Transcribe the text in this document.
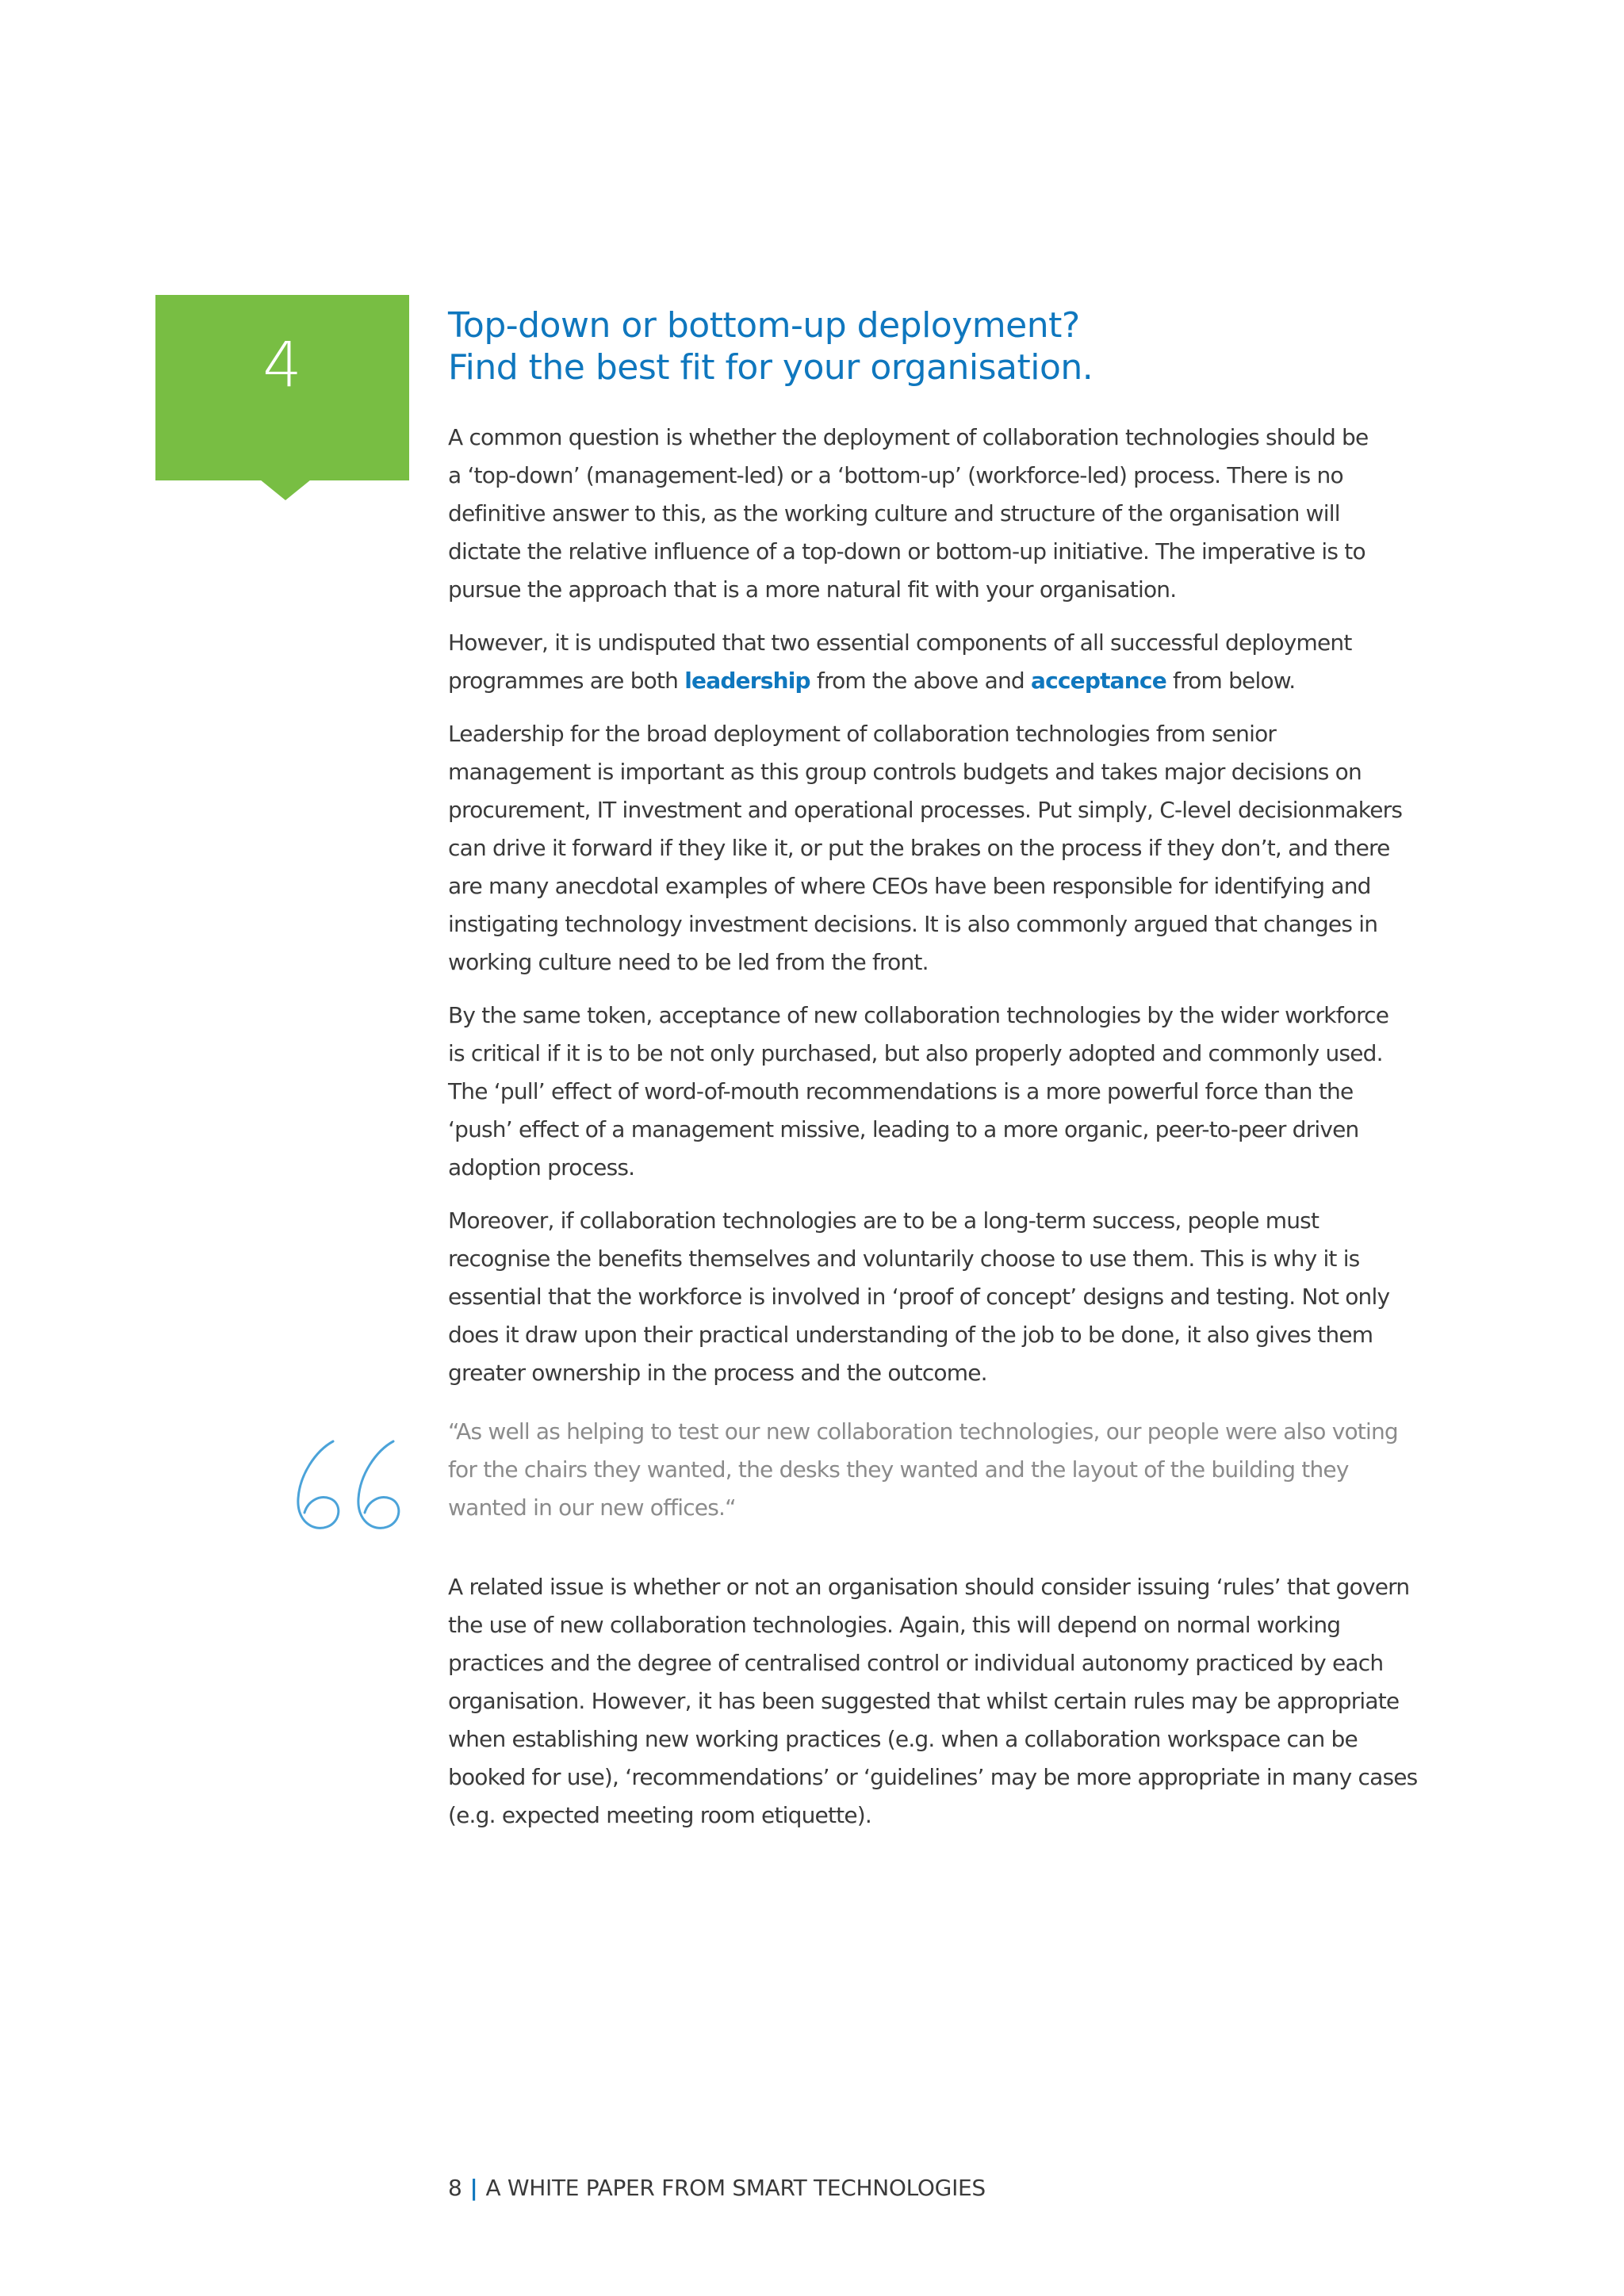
4
Top-down or bottom-up deployment?
Find the best fit for your organisation.

A common question is whether the deployment of collaboration technologies should be
a ‘top-down’ (management-led) or a ‘bottom-up’ (workforce-led) process. There is no
definitive answer to this, as the working culture and structure of the organisation will
dictate the relative influence of a top-down or bottom-up initiative. The imperative is to
pursue the approach that is a more natural fit with your organisation.

However, it is undisputed that two essential components of all successful deployment
programmes are both leadership from the above and acceptance from below.

Leadership for the broad deployment of collaboration technologies from senior
management is important as this group controls budgets and takes major decisions on
procurement, IT investment and operational processes. Put simply, C-level decisionmakers
can drive it forward if they like it, or put the brakes on the process if they don’t, and there
are many anecdotal examples of where CEOs have been responsible for identifying and
instigating technology investment decisions. It is also commonly argued that changes in
working culture need to be led from the front.

By the same token, acceptance of new collaboration technologies by the wider workforce
is critical if it is to be not only purchased, but also properly adopted and commonly used.
The ‘pull’ effect of word-of-mouth recommendations is a more powerful force than the
‘push’ effect of a management missive, leading to a more organic, peer-to-peer driven
adoption process.

Moreover, if collaboration technologies are to be a long-term success, people must
recognise the benefits themselves and voluntarily choose to use them. This is why it is
essential that the workforce is involved in ‘proof of concept’ designs and testing. Not only
does it draw upon their practical understanding of the job to be done, it also gives them
greater ownership in the process and the outcome.

“As well as helping to test our new collaboration technologies, our people were also voting
for the chairs they wanted, the desks they wanted and the layout of the building they
wanted in our new offices.“

A related issue is whether or not an organisation should consider issuing ‘rules’ that govern
the use of new collaboration technologies. Again, this will depend on normal working
practices and the degree of centralised control or individual autonomy practiced by each
organisation. However, it has been suggested that whilst certain rules may be appropriate
when establishing new working practices (e.g. when a collaboration workspace can be
booked for use), ‘recommendations’ or ‘guidelines’ may be more appropriate in many cases
(e.g. expected meeting room etiquette).

8 | A WHITE PAPER FROM SMART TECHNOLOGIES
